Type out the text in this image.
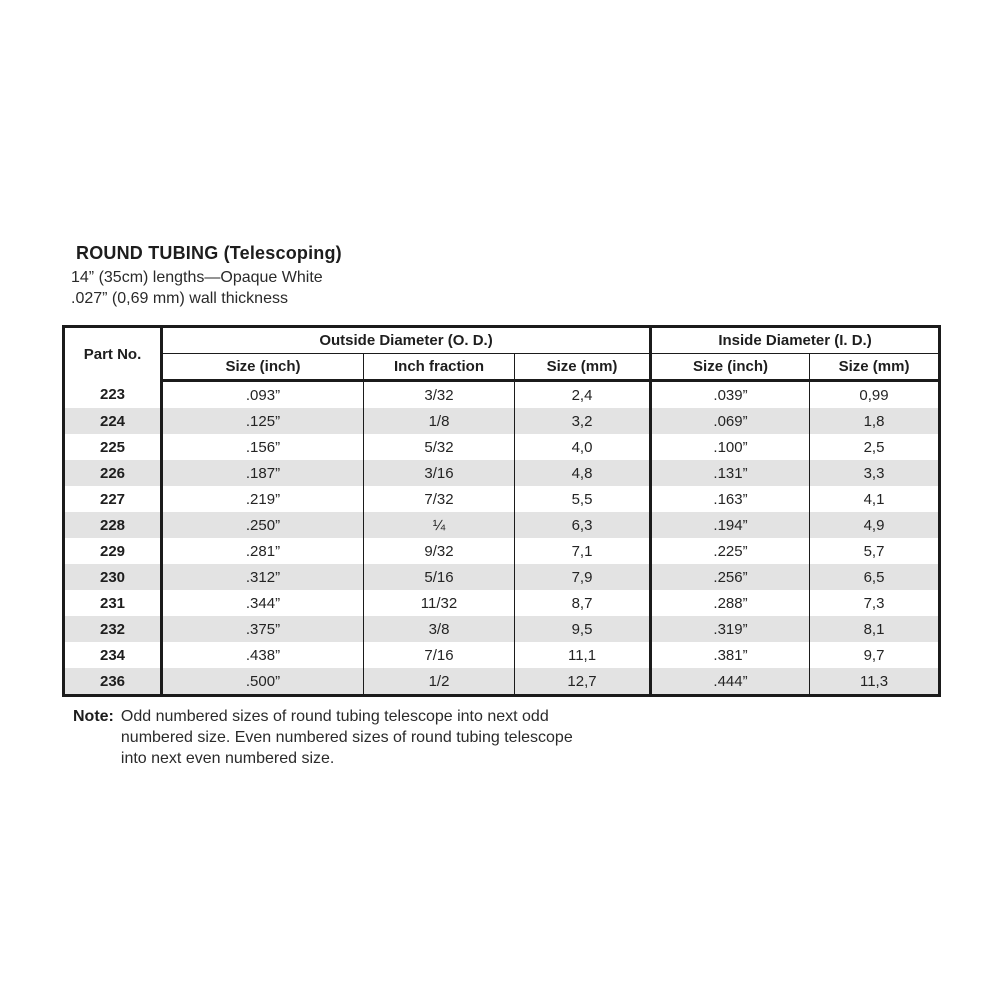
ROUND TUBING (Telescoping)
14” (35cm) lengths—Opaque White
.027” (0,69 mm) wall thickness
Part No.	Outside Diameter (O. D.)			Inside Diameter (I. D.)	
	Size (inch)	Inch fraction	Size (mm)	Size (inch)	Size (mm)
223	.093”	3/32	2,4	.039”	0,99
224	.125”	1/8	3,2	.069”	1,8
225	.156”	5/32	4,0	.100”	2,5
226	.187”	3/16	4,8	.131”	3,3
227	.219”	7/32	5,5	.163”	4,1
228	.250”	¼	6,3	.194”	4,9
229	.281”	9/32	7,1	.225”	5,7
230	.312”	5/16	7,9	.256”	6,5
231	.344”	11/32	8,7	.288”	7,3
232	.375”	3/8	9,5	.319”	8,1
234	.438”	7/16	11,1	.381”	9,7
236	.500”	1/2	12,7	.444”	11,3
Note: Odd numbered sizes of round tubing telescope into next odd
numbered size. Even numbered sizes of round tubing telescope
into next even numbered size.
